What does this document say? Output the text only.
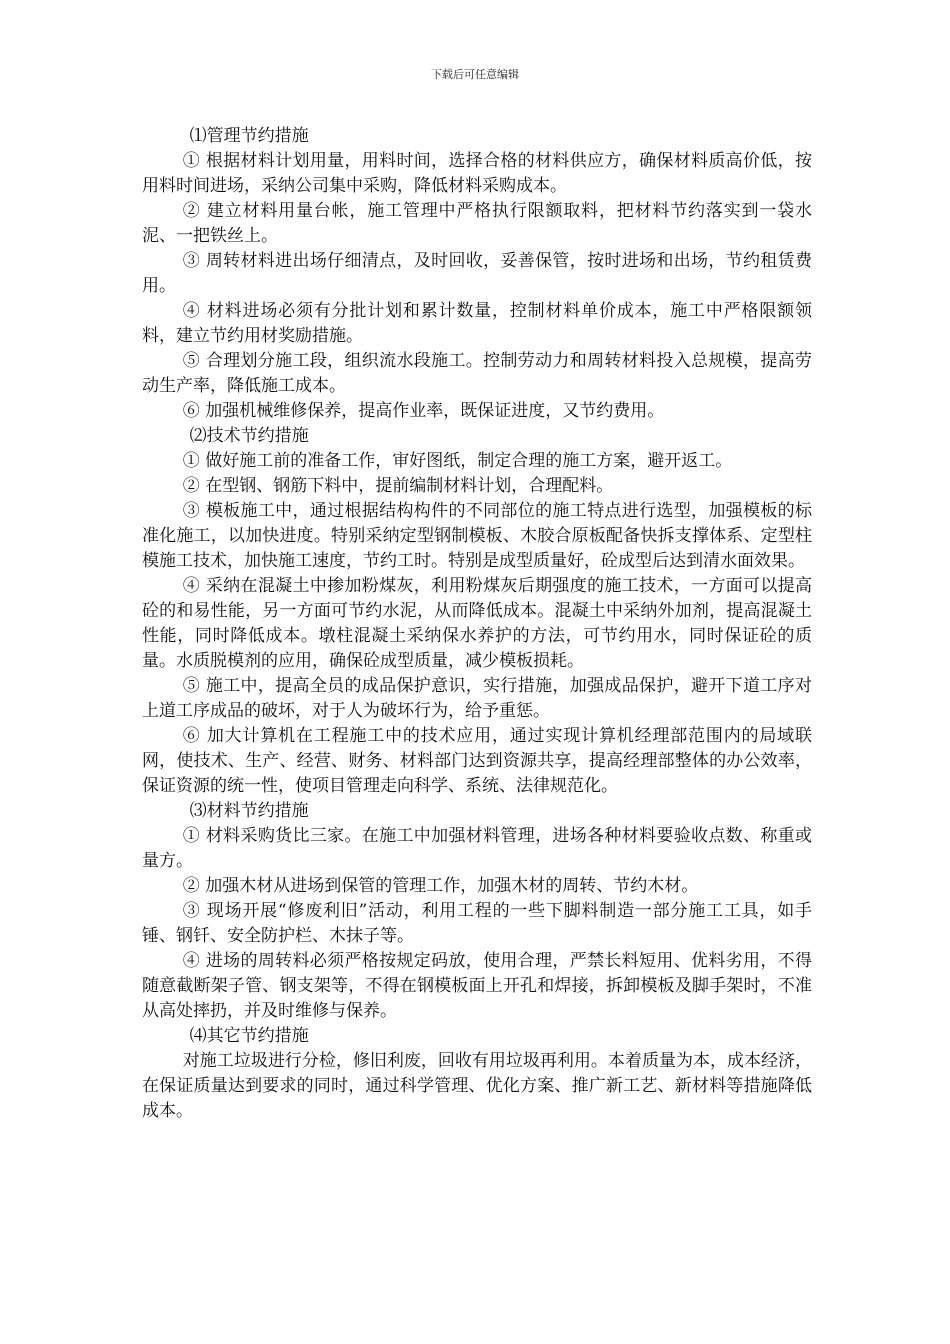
下载后可任意编辑
⑴管理节约措施

① 根据材料计划用量，用料时间，选择合格的材料供应方，确保材料质高价低，按用料时间进场，采纳公司集中采购，降低材料采购成本。

② 建立材料用量台帐，施工管理中严格执行限额取料，把材料节约落实到一袋水泥、一把铁丝上。

③ 周转材料进出场仔细清点，及时回收，妥善保管，按时进场和出场，节约租赁费用。

④ 材料进场必须有分批计划和累计数量，控制材料单价成本，施工中严格限额领料，建立节约用材奖励措施。

⑤ 合理划分施工段，组织流水段施工。控制劳动力和周转材料投入总规模，提高劳动生产率，降低施工成本。

⑥ 加强机械维修保养，提高作业率，既保证进度，又节约费用。

⑵技术节约措施

① 做好施工前的准备工作，审好图纸，制定合理的施工方案，避开返工。

② 在型钢、钢筋下料中，提前编制材料计划，合理配料。

③ 模板施工中，通过根据结构构件的不同部位的施工特点进行选型，加强模板的标准化施工，以加快进度。特别采纳定型钢制模板、木胶合原板配备快拆支撑体系、定型柱模施工技术，加快施工速度，节约工时。特别是成型质量好，砼成型后达到清水面效果。

④ 采纳在混凝土中掺加粉煤灰，利用粉煤灰后期强度的施工技术，一方面可以提高砼的和易性能，另一方面可节约水泥，从而降低成本。混凝土中采纳外加剂，提高混凝土性能，同时降低成本。墩柱混凝土采纳保水养护的方法，可节约用水，同时保证砼的质量。水质脱模剂的应用，确保砼成型质量，减少模板损耗。

⑤ 施工中，提高全员的成品保护意识，实行措施，加强成品保护，避开下道工序对上道工序成品的破坏，对于人为破坏行为，给予重惩。

⑥ 加大计算机在工程施工中的技术应用，通过实现计算机经理部范围内的局域联网，使技术、生产、经营、财务、材料部门达到资源共享，提高经理部整体的办公效率，保证资源的统一性，使项目管理走向科学、系统、法律规范化。

⑶材料节约措施

① 材料采购货比三家。在施工中加强材料管理，进场各种材料要验收点数、称重或量方。

② 加强木材从进场到保管的管理工作，加强木材的周转、节约木材。

③ 现场开展“修废利旧”活动，利用工程的一些下脚料制造一部分施工工具，如手锤、钢钎、安全防护栏、木抹子等。

④ 进场的周转料必须严格按规定码放，使用合理，严禁长料短用、优料劣用，不得随意截断架子管、钢支架等，不得在钢模板面上开孔和焊接，拆卸模板及脚手架时，不准从高处摔扔，并及时维修与保养。

⑷其它节约措施

对施工垃圾进行分检，修旧利废，回收有用垃圾再利用。本着质量为本，成本经济，在保证质量达到要求的同时，通过科学管理、优化方案、推广新工艺、新材料等措施降低成本。
